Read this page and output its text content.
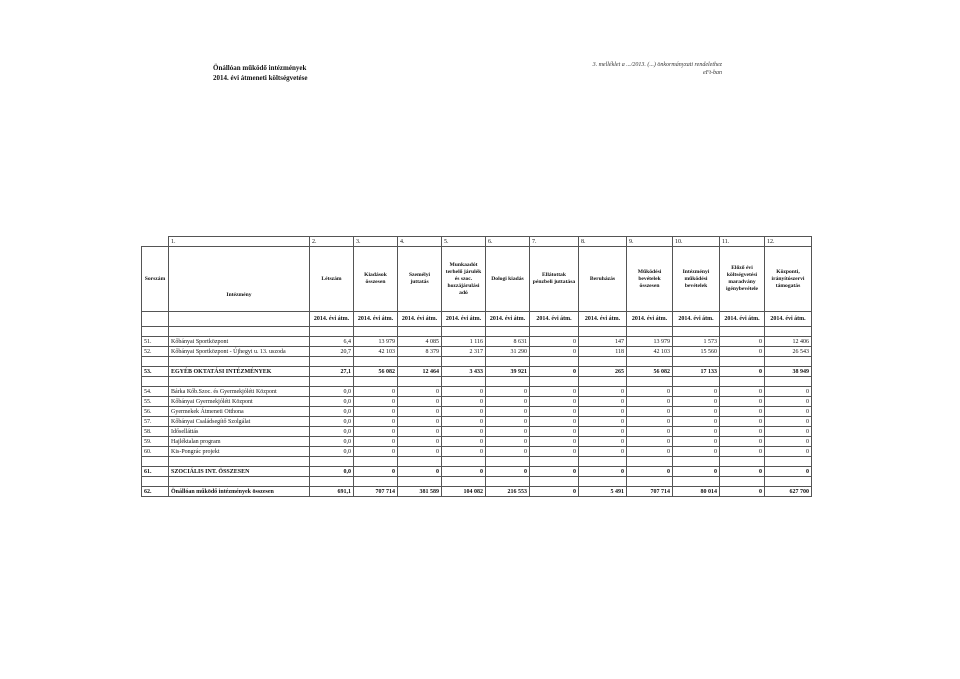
Önállóan működő intézmények
2014. évi átmeneti költségvetése
3. melléklet a .../2013. (...) önkormányzati rendelethez
eFt-ban
	1.	2.	3.	4.	5.	6.	7.	8.	9.	10.	11.	12.
Sorszám	Intézmény	Létszám	Kiadások összesen	Személyi juttatás	Munkaadót terhelő járulék és szoc. hozzájárulási adó	Dologi kiadás	Ellátottak pénzbeli juttatása	Beruházás	Működési bevételek összesen	Intézményi működési bevételek	Előző évi költségvetési maradvány igénybevétele	Központi, irányítószervi támogatás
		2014. évi átm.	2014. évi átm.	2014. évi átm.	2014. évi átm.	2014. évi átm.	2014. évi átm.	2014. évi átm.	2014. évi átm.	2014. évi átm.	2014. évi átm.	2014. évi átm.

51.	Kőbányai Sportközpont	6,4	13 979	4 085	1 116	8 631	0	147	13 979	1 573	0	12 406
52.	Kőbányai Sportközpont - Újhegyi u. 13. uszoda	20,7	42 103	8 379	2 317	31 290	0	118	42 103	15 560	0	26 543

53.	EGYÉB OKTATÁSI INTÉZMÉNYEK	27,1	56 082	12 464	3 433	39 921	0	265	56 082	17 133	0	38 949

54.	Bárka Kőb.Szoc. és Gyermekjóléti Központ	0,0	0	0	0	0	0	0	0	0	0	0
55.	Kőbányai Gyermekjóléti Központ	0,0	0	0	0	0	0	0	0	0	0	0
56.	Gyermekek Átmeneti Otthona	0,0	0	0	0	0	0	0	0	0	0	0
57.	Kőbányai Családsegítő Szolgálat	0,0	0	0	0	0	0	0	0	0	0	0
58.	Időselláttás	0,0	0	0	0	0	0	0	0	0	0	0
59.	Hajléktalan program	0,0	0	0	0	0	0	0	0	0	0	0
60.	Kis-Pongrác projekt	0,0	0	0	0	0	0	0	0	0	0	0

61.	SZOCIÁLIS INT. ÖSSZESEN	0,0	0	0	0	0	0	0	0	0	0	0

62.	Önállóan működő intézmények összesen	691,1	707 714	381 589	104 082	216 553	0	5 491	707 714	80 014	0	627 700
